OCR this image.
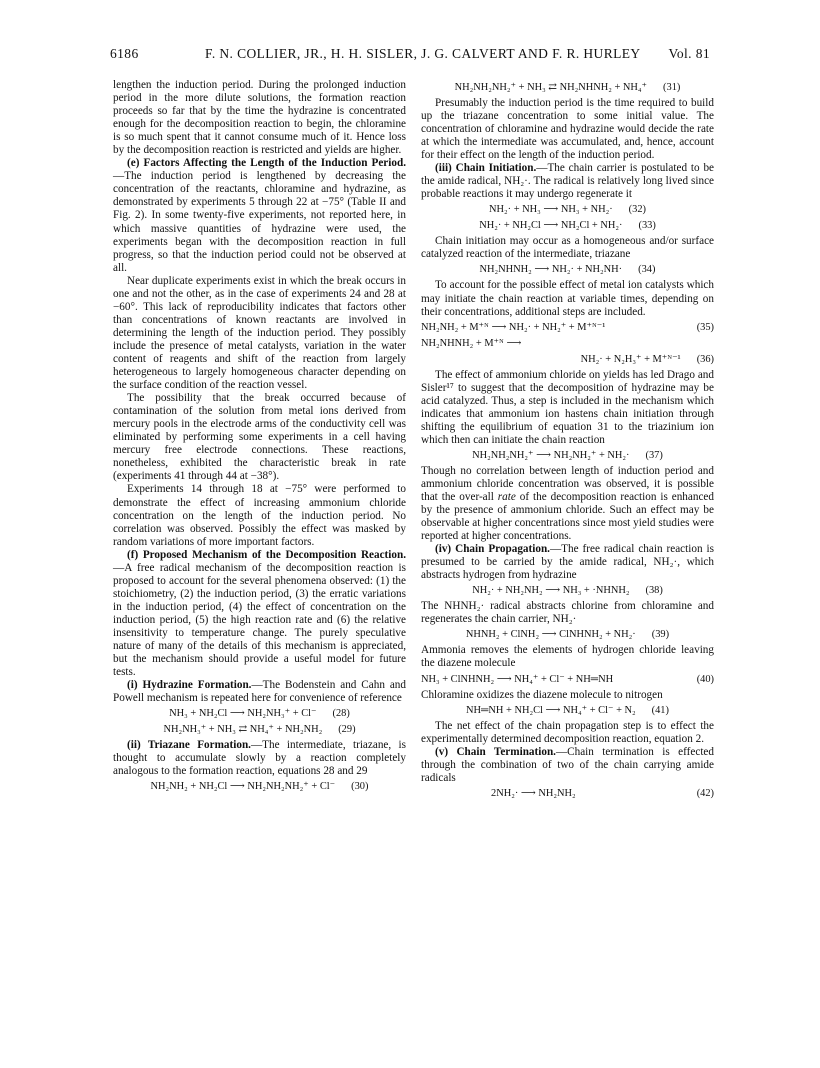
6186	F. N. COLLIER, JR., H. H. SISLER, J. G. CALVERT AND F. R. HURLEY Vol. 81

lengthen the induction period. During the prolonged induction period in the more dilute solutions, the formation reaction proceeds so far that by the time the hydrazine is concentrated enough for the decomposition reaction to begin, the chloramine is so much spent that it cannot consume much of it. Hence loss by the decomposition reaction is restricted and yields are higher.

(e) Factors Affecting the Length of the Induction Period.—The induction period is lengthened by decreasing the concentration of the reactants, chloramine and hydrazine, as demonstrated by experiments 5 through 22 at −75° (Table II and Fig. 2). In some twenty-five experiments, not reported here, in which massive quantities of hydrazine were used, the experiments began with the decomposition reaction in full progress, so that the induction period could not be observed at all.

Near duplicate experiments exist in which the break occurs in one and not the other, as in the case of experiments 24 and 28 at −60°. This lack of reproducibility indicates that factors other than concentrations of known reactants are involved in determining the length of the induction period. They possibly include the presence of metal catalysts, variation in the water content of reagents and shift of the reaction from largely heterogeneous to largely homogeneous character depending on the surface condition of the reaction vessel.

The possibility that the break occurred because of contamination of the solution from metal ions derived from mercury pools in the electrode arms of the conductivity cell was eliminated by performing some experiments in a cell having mercury free electrode connections. These reactions, nonetheless, exhibited the characteristic break in rate (experiments 41 through 44 at −38°).

Experiments 14 through 18 at −75° were performed to demonstrate the effect of increasing ammonium chloride concentration on the length of the induction period. No correlation was observed. Possibly the effect was masked by random variations of more important factors.

(f) Proposed Mechanism of the Decomposition Reaction.—A free radical mechanism of the decomposition reaction is proposed to account for the several phenomena observed: (1) the stoichiometry, (2) the induction period, (3) the erratic variations in the induction period, (4) the effect of concentration on the induction period, (5) the high reaction rate and (6) the relative insensitivity to temperature change. The purely speculative nature of many of the details of this mechanism is appreciated, but the mechanism should provide a useful model for future tests.

(i) Hydrazine Formation.—The Bodenstein and Cahn and Powell mechanism is repeated here for convenience of reference

NH₃ + NH₂Cl ⟶ NH₂NH₃⁺ + Cl⁻ (28)
NH₂NH₃⁺ + NH₃ ⇄ NH₄⁺ + NH₂NH₂ (29)

(ii) Triazane Formation.—The intermediate, triazane, is thought to accumulate slowly by a reaction completely analogous to the formation reaction, equations 28 and 29

NH₂NH₂ + NH₂Cl ⟶ NH₂NH₂NH₂⁺ + Cl⁻ (30)
NH₂NH₂NH₂⁺ + NH₃ ⇄ NH₂NHNH₂ + NH₄⁺ (31)

Presumably the induction period is the time required to build up the triazane concentration to some initial value. The concentration of chloramine and hydrazine would decide the rate at which the intermediate was accumulated, and, hence, account for their effect on the length of the induction period.

(iii) Chain Initiation.—The chain carrier is postulated to be the amide radical, NH₂·. The radical is relatively long lived since probable reactions it may undergo regenerate it

NH₂· + NH₃ ⟶ NH₃ + NH₂· (32)
NH₂· + NH₂Cl ⟶ NH₂Cl + NH₂· (33)

Chain initiation may occur as a homogeneous and/or surface catalyzed reaction of the intermediate, triazane

NH₂NHNH₂ ⟶ NH₂· + NH₂NH· (34)

To account for the possible effect of metal ion catalysts which may initiate the chain reaction at variable times, depending on their concentrations, additional steps are included.

NH₂NH₂ + M⁺ᴺ ⟶ NH₂· + NH₂⁺ + M⁺ᴺ⁻¹	(35)
NH₂NHNH₂ + M⁺ᴺ ⟶
NH₂· + N₂H₃⁺ + M⁺ᴺ⁻¹ (36)

The effect of ammonium chloride on yields has led Drago and Sisler¹⁷ to suggest that the decomposition of hydrazine may be acid catalyzed. Thus, a step is included in the mechanism which indicates that ammonium ion hastens chain initiation through shifting the equilibrium of equation 31 to the triazinium ion which then can initiate the chain reaction

NH₂NH₂NH₂⁺ ⟶ NH₂NH₂⁺ + NH₂· (37)

Though no correlation between length of induction period and ammonium chloride concentration was observed, it is possible that the over-all rate of the decomposition reaction is enhanced by the presence of ammonium chloride. Such an effect may be observable at higher concentrations since most yield studies were reported at higher concentrations.

(iv) Chain Propagation.—The free radical chain reaction is presumed to be carried by the amide radical, NH₂·, which abstracts hydrogen from hydrazine

NH₂· + NH₂NH₂ ⟶ NH₃ + ·NHNH₂ (38)

The NHNH₂· radical abstracts chlorine from chloramine and regenerates the chain carrier, NH₂·

NHNH₂ + ClNH₂ ⟶ ClNHNH₂ + NH₂· (39)

Ammonia removes the elements of hydrogen chloride leaving the diazene molecule

NH₃ + ClNHNH₂ ⟶ NH₄⁺ + Cl⁻ + NH═NH	(40)

Chloramine oxidizes the diazene molecule to nitrogen

NH═NH + NH₂Cl ⟶ NH₄⁺ + Cl⁻ + N₂ (41)

The net effect of the chain propagation step is to effect the experimentally determined decomposition reaction, equation 2.

(v) Chain Termination.—Chain termination is effected through the combination of two of the chain carrying amide radicals

2NH₂· ⟶ NH₂NH₂	(42)
